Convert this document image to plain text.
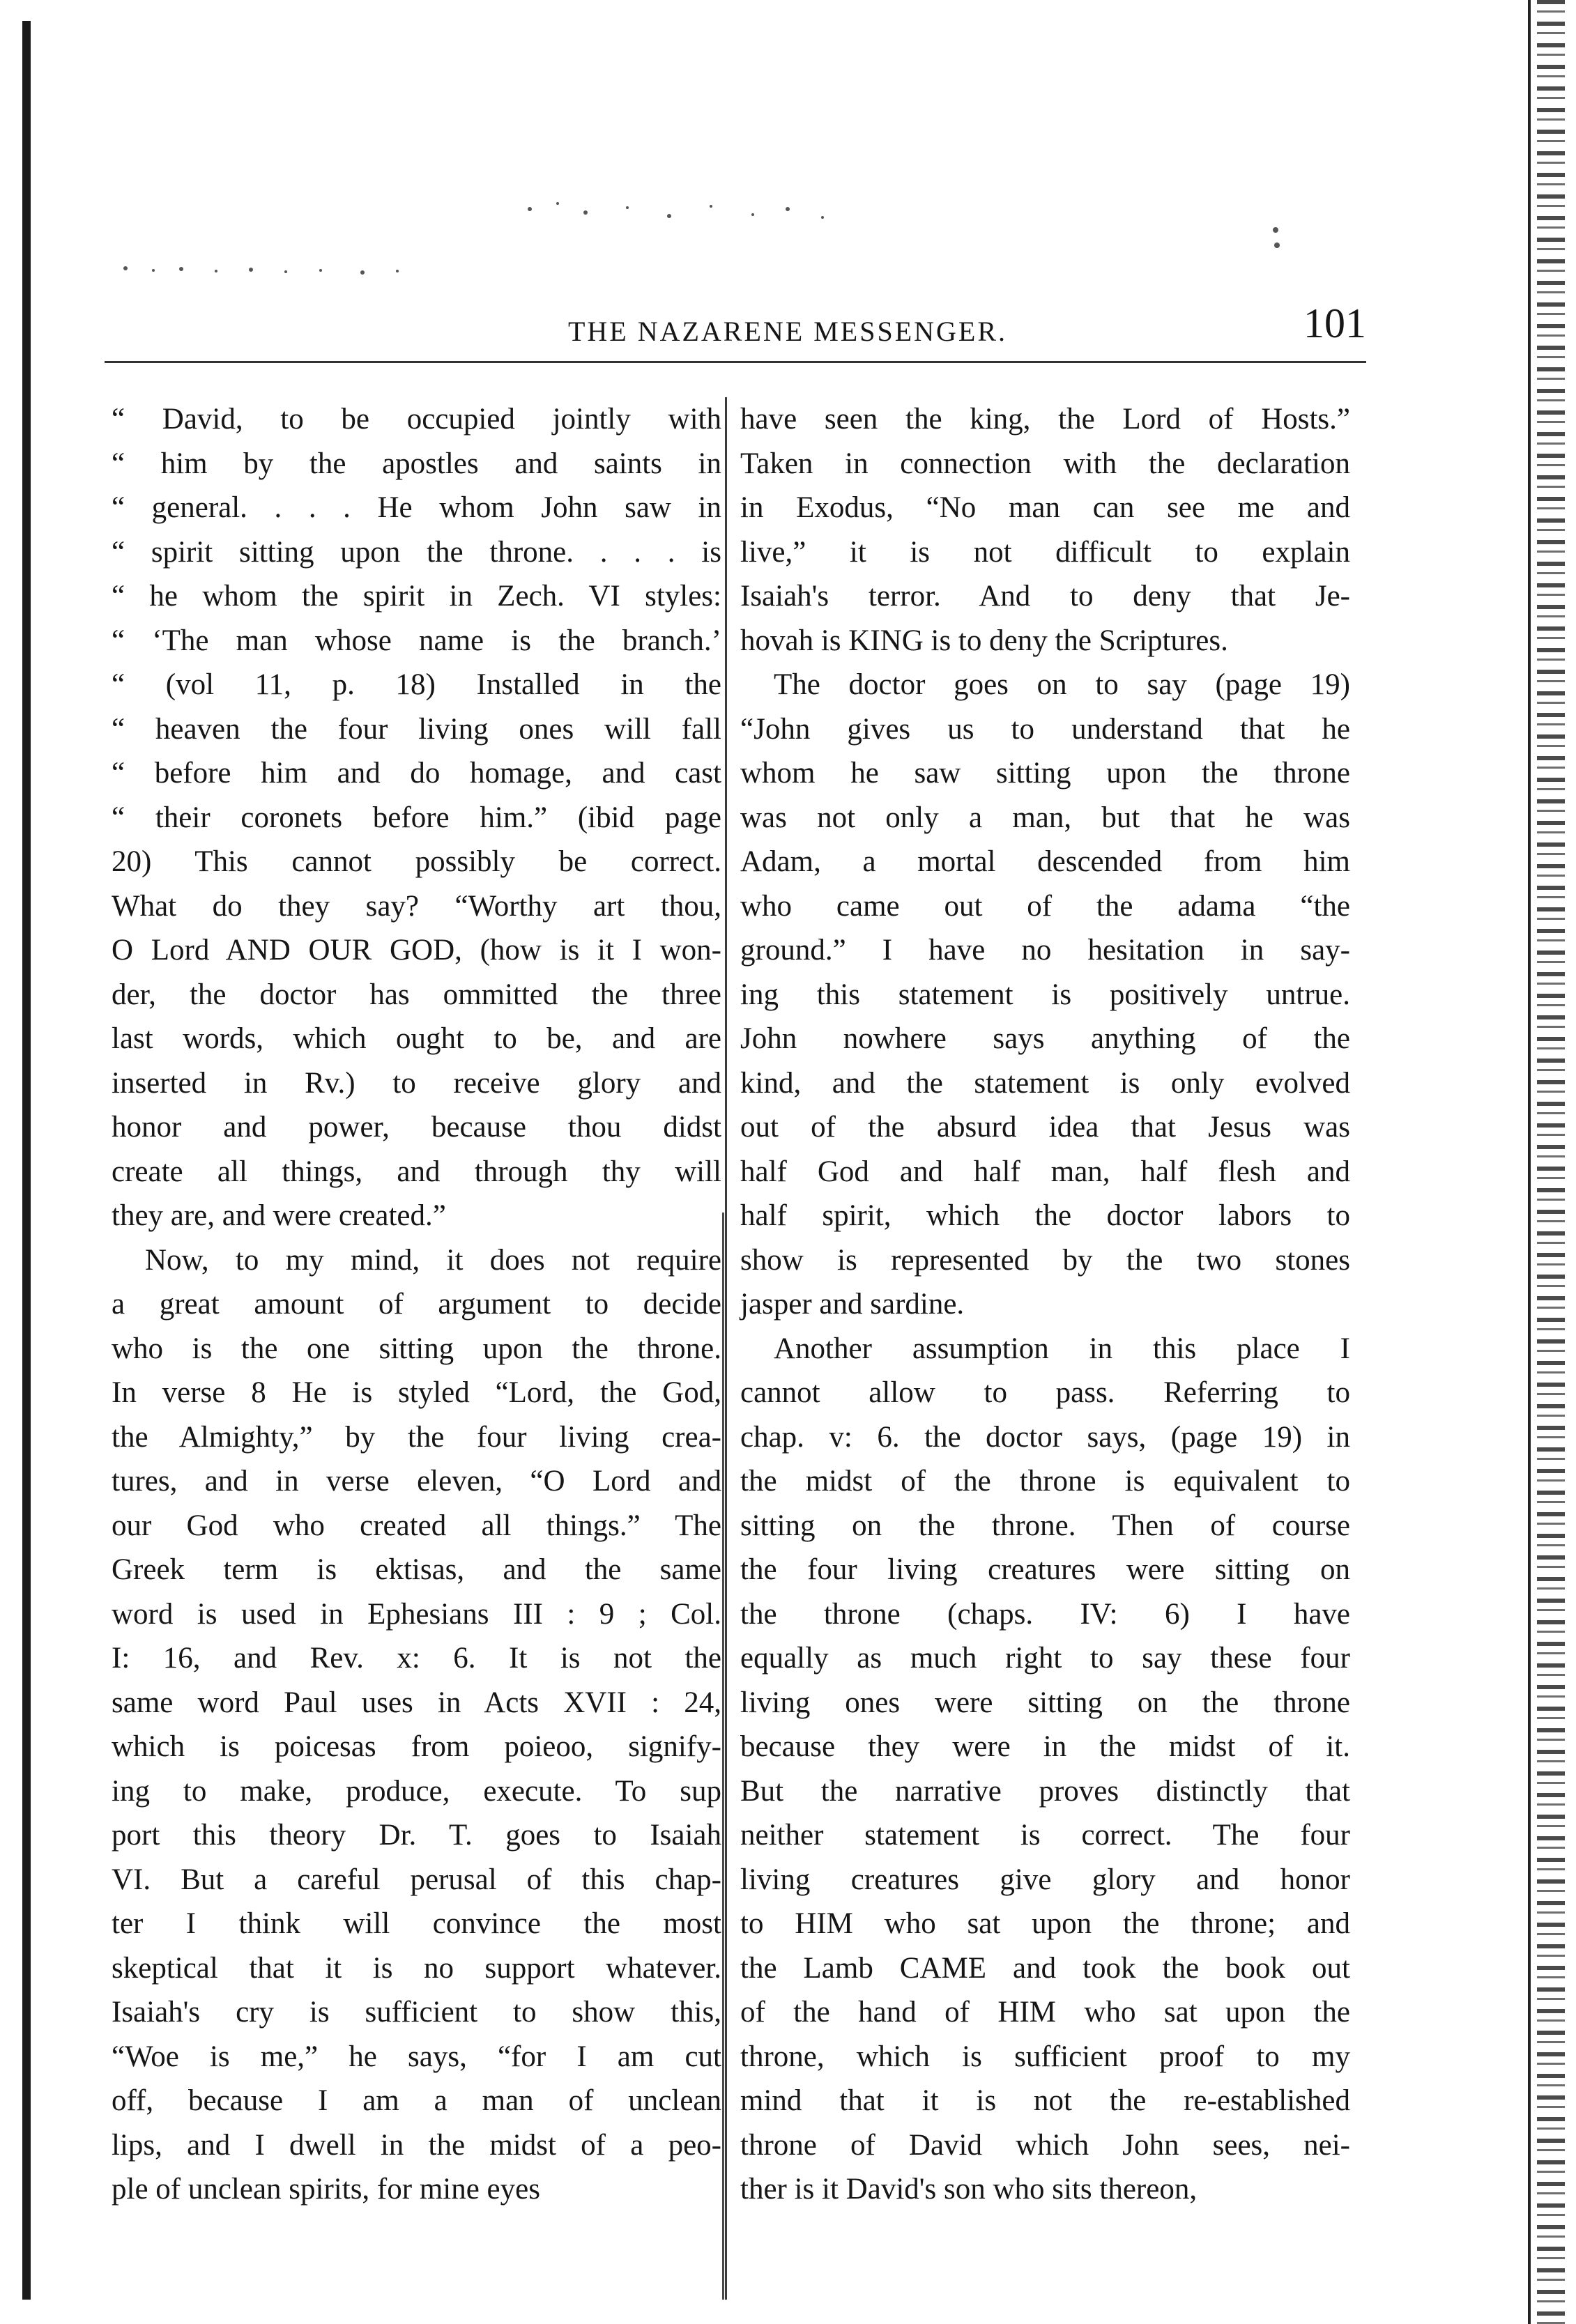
THE NAZARENE MESSENGER.	101
“ David, to be occupied jointly with
“ him by the apostles and saints in
“ general. . . . He whom John saw in
“ spirit sitting upon the throne. . . . is
“ he whom the spirit in Zech. VI styles:
“ ‘The man whose name is the branch.’
“ (vol 11, p. 18) Installed in the
“ heaven the four living ones will fall
“ before him and do homage, and cast
“ their coronets before him.” (ibid page
20) This cannot possibly be correct.
What do they say? “Worthy art thou,
O Lord AND OUR GOD, (how is it I won-
der, the doctor has ommitted the three
last words, which ought to be, and are
inserted in Rv.) to receive glory and
honor and power, because thou didst
create all things, and through thy will
they are, and were created.”
Now, to my mind, it does not require
a great amount of argument to decide
who is the one sitting upon the throne.
In verse 8 He is styled “Lord, the God,
the Almighty,” by the four living crea-
tures, and in verse eleven, “O Lord and
our God who created all things.” The
Greek term is ektisas, and the same
word is used in Ephesians III : 9 ; Col.
I: 16, and Rev. x: 6. It is not the
same word Paul uses in Acts XVII : 24,
which is poicesas from poieoo, signify-
ing to make, produce, execute. To sup
port this theory Dr. T. goes to Isaiah
VI. But a careful perusal of this chap-
ter I think will convince the most
skeptical that it is no support whatever.
Isaiah's cry is sufficient to show this,
“Woe is me,” he says, “for I am cut
off, because I am a man of unclean
lips, and I dwell in the midst of a peo-
ple of unclean spirits, for mine eyes
have seen the king, the Lord of Hosts.”
Taken in connection with the declaration
in Exodus, “No man can see me and
live,” it is not difficult to explain
Isaiah's terror. And to deny that Je-
hovah is KING is to deny the Scriptures.
The doctor goes on to say (page 19)
“John gives us to understand that he
whom he saw sitting upon the throne
was not only a man, but that he was
Adam, a mortal descended from him
who came out of the adama “the
ground.” I have no hesitation in say-
ing this statement is positively untrue.
John nowhere says anything of the
kind, and the statement is only evolved
out of the absurd idea that Jesus was
half God and half man, half flesh and
half spirit, which the doctor labors to
show is represented by the two stones
jasper and sardine.
Another assumption in this place I
cannot allow to pass. Referring to
chap. v: 6. the doctor says, (page 19) in
the midst of the throne is equivalent to
sitting on the throne. Then of course
the four living creatures were sitting on
the throne (chaps. IV: 6) I have
equally as much right to say these four
living ones were sitting on the throne
because they were in the midst of it.
But the narrative proves distinctly that
neither statement is correct. The four
living creatures give glory and honor
to HIM who sat upon the throne; and
the Lamb CAME and took the book out
of the hand of HIM who sat upon the
throne, which is sufficient proof to my
mind that it is not the re-established
throne of David which John sees, nei-
ther is it David's son who sits thereon,
